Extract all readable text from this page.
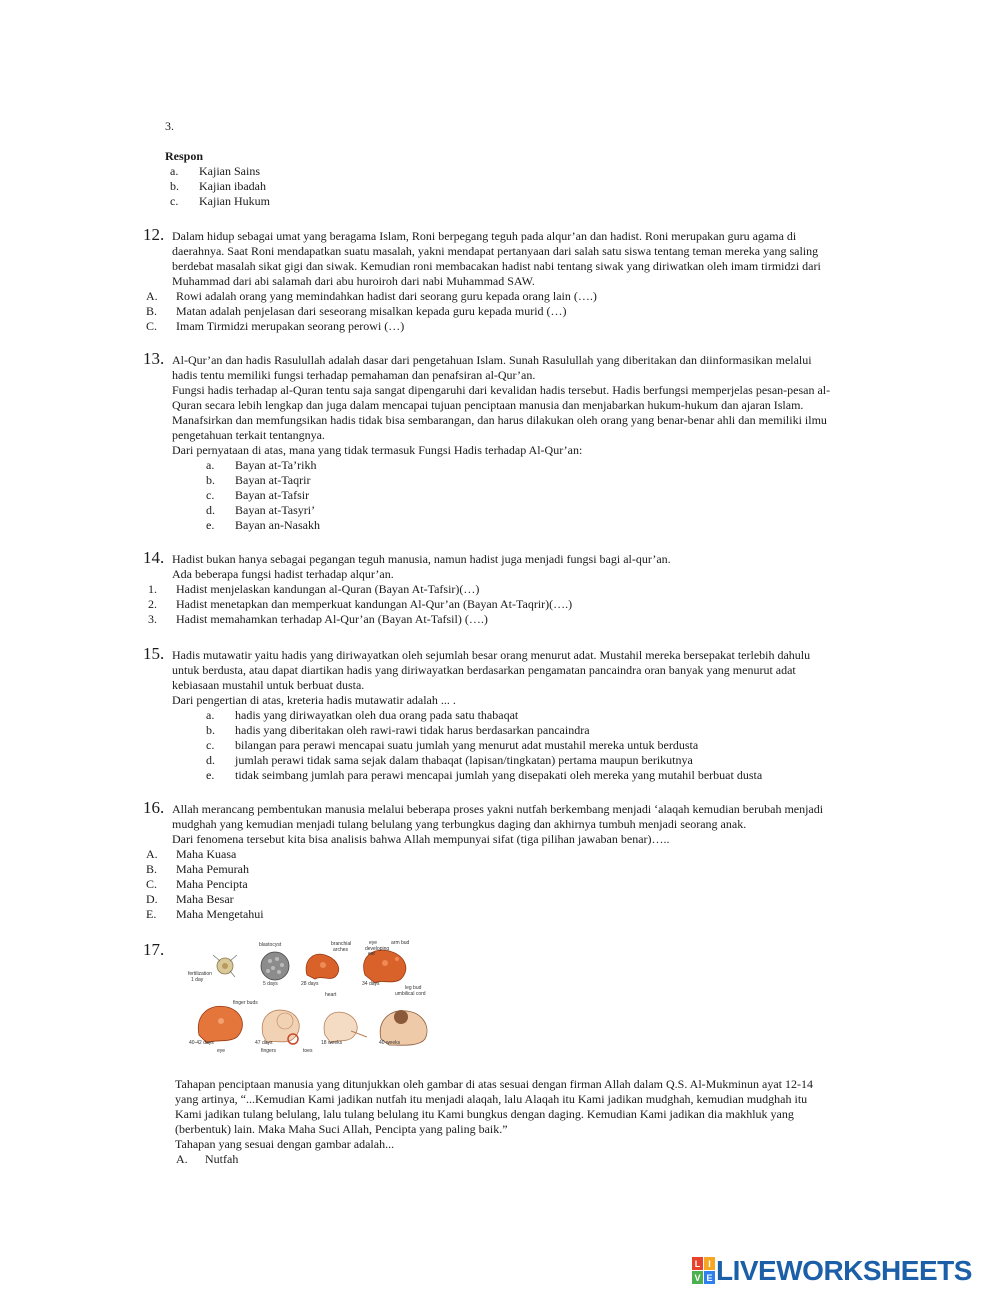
3.
Respon
a. Kajian Sains
b. Kajian ibadah
c. Kajian Hukum
12. Dalam hidup sebagai umat yang beragama Islam, Roni berpegang teguh pada alqur’an dan hadist. Roni merupakan guru agama di
daerahnya. Saat Roni mendapatkan suatu masalah, yakni mendapat pertanyaan dari salah satu siswa tentang teman mereka yang saling
berdebat masalah sikat gigi dan siwak. Kemudian roni membacakan hadist nabi tentang siwak yang diriwatkan oleh imam tirmidzi dari
Muhammad dari abi salamah dari abu huroiroh dari nabi Muhammad SAW.
A. Rowi adalah orang yang memindahkan hadist dari seorang guru kepada orang lain (….)
B. Matan adalah penjelasan dari seseorang misalkan kepada guru kepada murid (…)
C. Imam Tirmidzi merupakan seorang perowi (…)
13. Al-Qur’an dan hadis Rasulullah adalah dasar dari pengetahuan Islam. Sunah Rasulullah yang diberitakan dan diinformasikan melalui
hadis tentu memiliki fungsi terhadap pemahaman dan penafsiran al-Qur’an.
Fungsi hadis terhadap al-Quran tentu saja sangat dipengaruhi dari kevalidan hadis tersebut. Hadis berfungsi memperjelas pesan-pesan al-
Quran secara lebih lengkap dan juga dalam mencapai tujuan penciptaan manusia dan menjabarkan hukum-hukum dan ajaran Islam.
Manafsirkan dan memfungsikan hadis tidak bisa sembarangan, dan harus dilakukan oleh orang yang benar-benar ahli dan memiliki ilmu
pengetahuan terkait tentangnya.
Dari pernyataan di atas, mana yang tidak termasuk Fungsi Hadis terhadap Al-Qur’an:
a. Bayan at-Ta’rikh
b. Bayan at-Taqrir
c. Bayan at-Tafsir
d. Bayan at-Tasyri’
e. Bayan an-Nasakh
14. Hadist bukan hanya sebagai pegangan teguh manusia, namun hadist juga menjadi fungsi bagi al-qur’an.
Ada beberapa fungsi hadist terhadap alqur’an.
1. Hadist menjelaskan kandungan al-Quran (Bayan At-Tafsir)(…)
2. Hadist menetapkan dan memperkuat kandungan Al-Qur’an (Bayan At-Taqrir)(….)
3. Hadist memahamkan terhadap Al-Qur’an (Bayan At-Tafsil) (….)
15. Hadis mutawatir yaitu hadis yang diriwayatkan oleh sejumlah besar orang menurut adat. Mustahil mereka bersepakat terlebih dahulu
untuk berdusta, atau dapat diartikan hadis yang diriwayatkan berdasarkan pengamatan pancaindra oran banyak yang menurut adat
kebiasaan mustahil untuk berbuat dusta.
Dari pengertian di atas, kreteria hadis mutawatir adalah ... .
a. hadis yang diriwayatkan oleh dua orang pada satu thabaqat
b. hadis yang diberitakan oleh rawi-rawi tidak harus berdasarkan pancaindra
c. bilangan para perawi mencapai suatu jumlah yang menurut adat mustahil mereka untuk berdusta
d. jumlah perawi tidak sama sejak dalam thabaqat (lapisan/tingkatan) pertama maupun berikutnya
e. tidak seimbang jumlah para perawi mencapai jumlah yang disepakati oleh mereka yang mutahil berbuat dusta
16. Allah merancang pembentukan manusia melalui beberapa proses yakni nutfah berkembang menjadi ‘alaqah kemudian berubah menjadi
mudghah yang kemudian menjadi tulang belulang yang terbungkus daging dan akhirnya tumbuh menjadi seorang anak.
Dari fenomena tersebut kita bisa analisis bahwa Allah mempunyai sifat (tiga pilihan jawaban benar)…..
A. Maha Kuasa
B. Maha Pemurah
C. Maha Pencipta
D. Maha Besar
E. Maha Mengetahui
17.
fertilization
1 day
blastocyst
5 days
branchial
arches
28 days
heart
eye	arm bud
developing
ear
34 days
leg bud
umbilical cord
finger buds
40-42 days	47 days
fingers	toes
18 weeks	40 weeks
eye
Tahapan penciptaan manusia yang ditunjukkan oleh gambar di atas sesuai dengan firman Allah dalam Q.S. Al-Mukminun ayat 12-14
yang artinya, “...Kemudian Kami jadikan nutfah itu menjadi alaqah, lalu Alaqah itu Kami jadikan mudghah, kemudian mudghah itu
Kami jadikan tulang belulang, lalu tulang belulang itu Kami bungkus dengan daging. Kemudian Kami jadikan dia makhluk yang
(berbentuk) lain. Maka Maha Suci Allah, Pencipta yang paling baik.”
Tahapan yang sesuai dengan gambar adalah...
A. Nutfah
L I
V E LIVEWORKSHEETS
